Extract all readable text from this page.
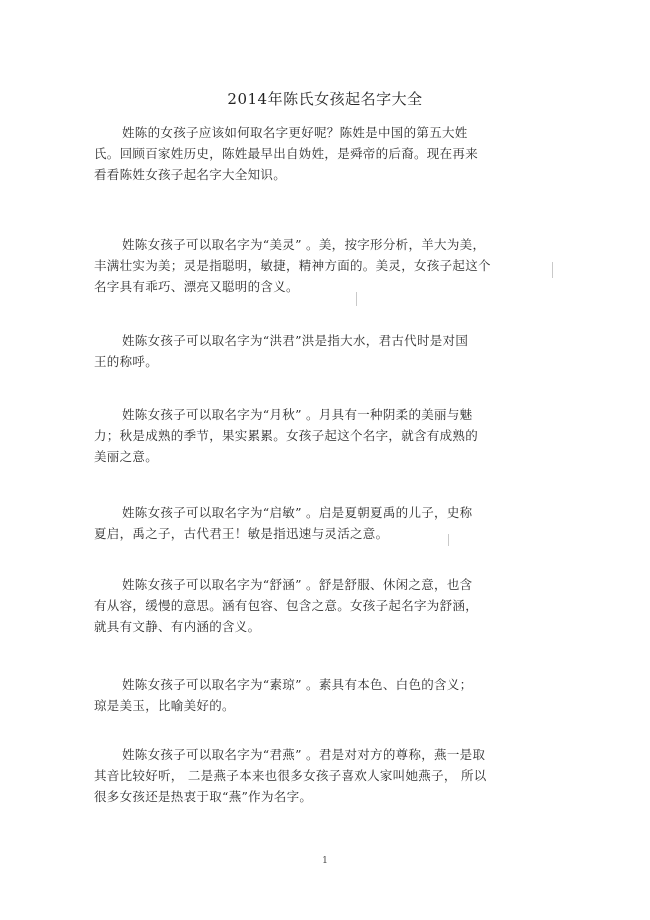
2014年陈氏女孩起名字大全
姓陈的女孩子应该如何取名字更好呢？陈姓是中国的第五大姓
氏。回顾百家姓历史，陈姓最早出自妫姓，是舜帝的后裔。现在再来
看看陈姓女孩子起名字大全知识。
姓陈女孩子可以取名字为“美灵” 。美，按字形分析，羊大为美，
丰满壮实为美；灵是指聪明，敏捷，精神方面的。美灵，女孩子起这个
名字具有乖巧、漂亮又聪明的含义。
姓陈女孩子可以取名字为“洪君”洪是指大水，君古代时是对国
王的称呼。
姓陈女孩子可以取名字为“月秋” 。月具有一种阴柔的美丽与魅
力；秋是成熟的季节，果实累累。女孩子起这个名字，就含有成熟的
美丽之意。
姓陈女孩子可以取名字为“启敏” 。启是夏朝夏禹的儿子，史称
夏启，禹之子，古代君王！敏是指迅速与灵活之意。
姓陈女孩子可以取名字为“舒涵” 。舒是舒服、休闲之意，也含
有从容，缓慢的意思。涵有包容、包含之意。女孩子起名字为舒涵，
就具有文静、有内涵的含义。
姓陈女孩子可以取名字为“素琼” 。素具有本色、白色的含义；
琼是美玉，比喻美好的。
姓陈女孩子可以取名字为“君燕” 。君是对对方的尊称，燕一是取
其音比较好听， 二是燕子本来也很多女孩子喜欢人家叫她燕子， 所以
很多女孩还是热衷于取“燕”作为名字。
1
